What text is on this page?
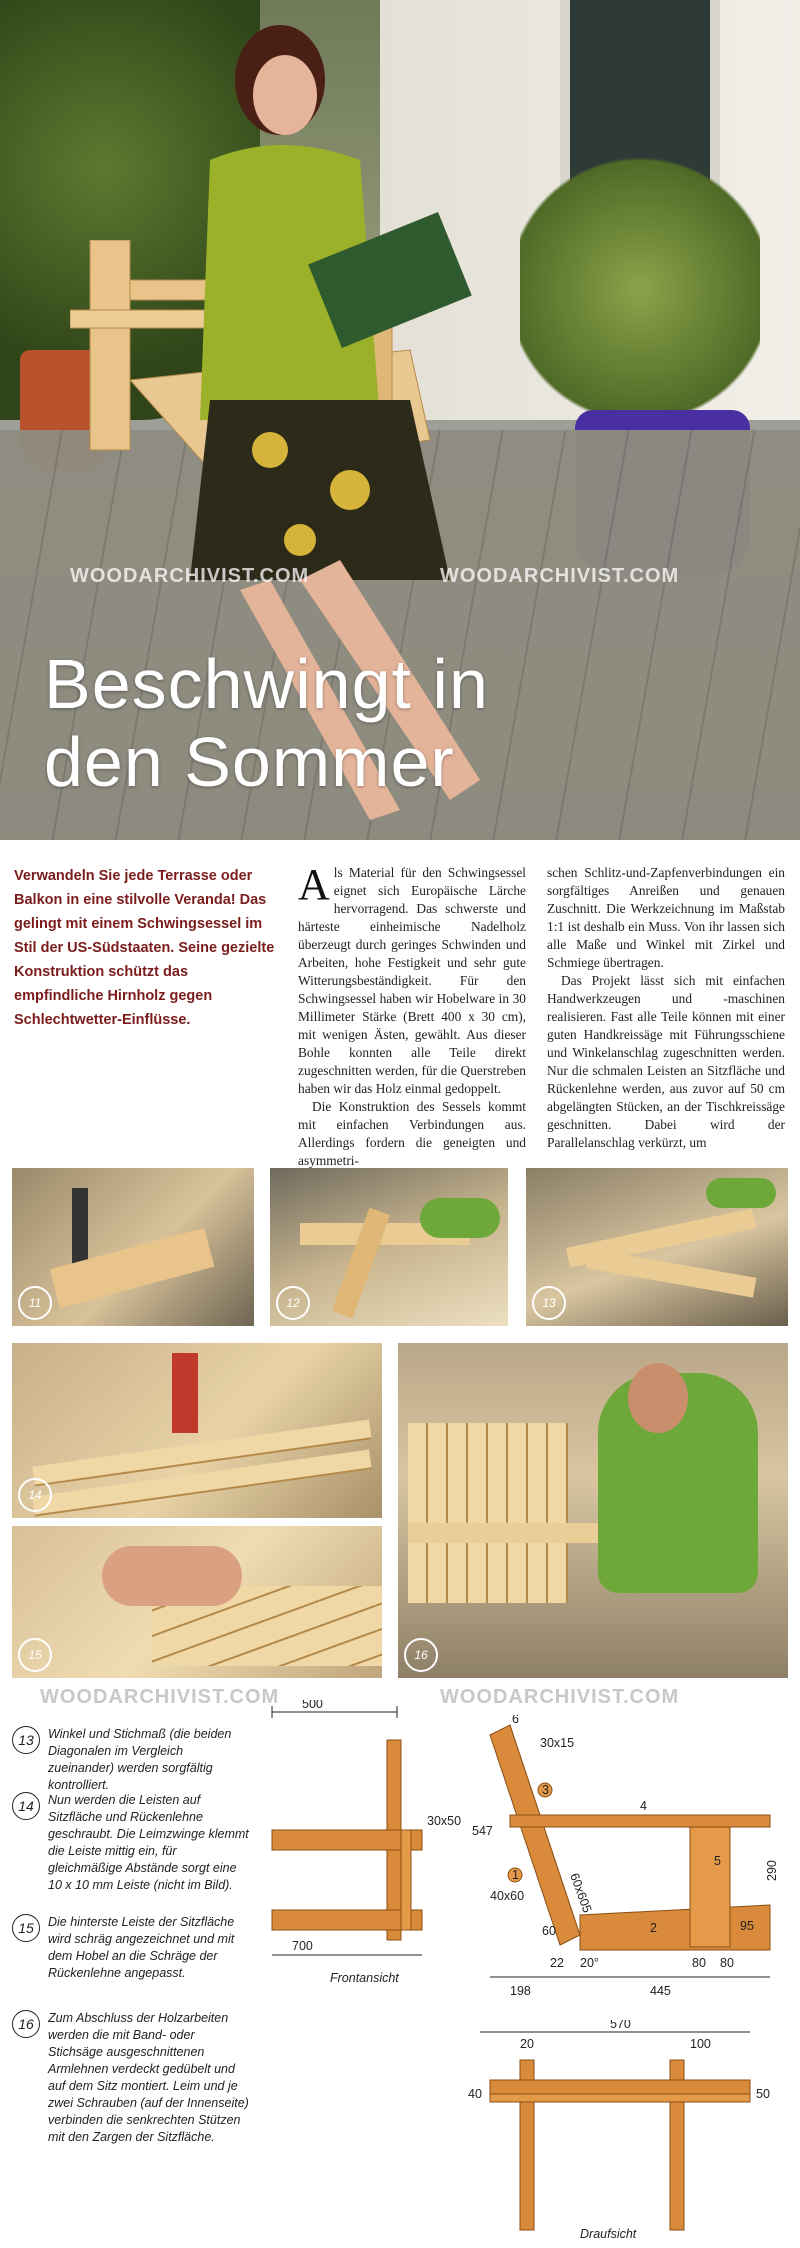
WOODARCHIVIST.COM	WOODARCHIVIST.COM
Beschwingt in
den Sommer
Verwandeln Sie jede Terrasse oder Balkon in eine stilvolle Veranda! Das gelingt mit einem Schwingsessel im Stil der US-Südstaaten. Seine gezielte Konstruktion schützt das empfindliche Hirnholz gegen Schlechtwetter-Einflüsse.

Als Material für den Schwingsessel eignet sich Europäische Lärche hervorragend. Das schwerste und härteste einheimische Nadelholz überzeugt durch geringes Schwinden und Arbeiten, hohe Festigkeit und sehr gute Witterungsbeständigkeit. Für den Schwingsessel haben wir Hobelware in 30 Millimeter Stärke (Brett 400 x 30 cm), mit wenigen Ästen, gewählt. Aus dieser Bohle konnten alle Teile direkt zugeschnitten werden, für die Querstreben haben wir das Holz einmal gedoppelt.

Die Konstruktion des Sessels kommt mit einfachen Verbindungen aus. Allerdings fordern die geneigten und asymmetri-

schen Schlitz-und-Zapfenverbindungen ein sorgfältiges Anreißen und genauen Zuschnitt. Die Werkzeichnung im Maßstab 1:1 ist deshalb ein Muss. Von ihr lassen sich alle Maße und Winkel mit Zirkel und Schmiege übertragen.

Das Projekt lässt sich mit einfachen Handwerkzeugen und -maschinen realisieren. Fast alle Teile können mit einer guten Handkreissäge mit Führungsschiene und Winkelanschlag zugeschnitten werden. Nur die schmalen Leisten an Sitzfläche und Rückenlehne werden, aus zuvor auf 50 cm abgelängten Stücken, an der Tischkreissäge geschnitten. Dabei wird der Parallelanschlag verkürzt, um

11	12	13
14
16
15
WOODARCHIVIST.COM	WOODARCHIVIST.COM
13	Winkel und Stichmaß (die beiden Diagonalen im Vergleich zueinander) werden sorgfältig kontrolliert.
14	Nun werden die Leisten auf Sitzfläche und Rückenlehne geschraubt. Die Leimzwinge klemmt die Leiste mittig ein, für gleichmäßige Abstände sorgt eine 10 x 10 mm Leiste (nicht im Bild).
15	Die hinterste Leiste der Sitzfläche wird schräg angezeichnet und mit dem Hobel an die Schräge der Rückenlehne angepasst.
16	Zum Abschluss der Holzarbeiten werden die mit Band- oder Stichsäge ausgeschnittenen Armlehnen verdeckt gedübelt und auf dem Sitz montiert. Leim und je zwei Schrauben (auf der Innenseite) verbinden die senkrechten Stützen mit den Zargen der Sitzfläche.
500
30x50
700
Frontansicht
1
3
5
4
2
6
30x15
547
40x60	60x605
60
22 20°
198	445
80 80
95
290
570
20	100
40	50
Draufsicht
